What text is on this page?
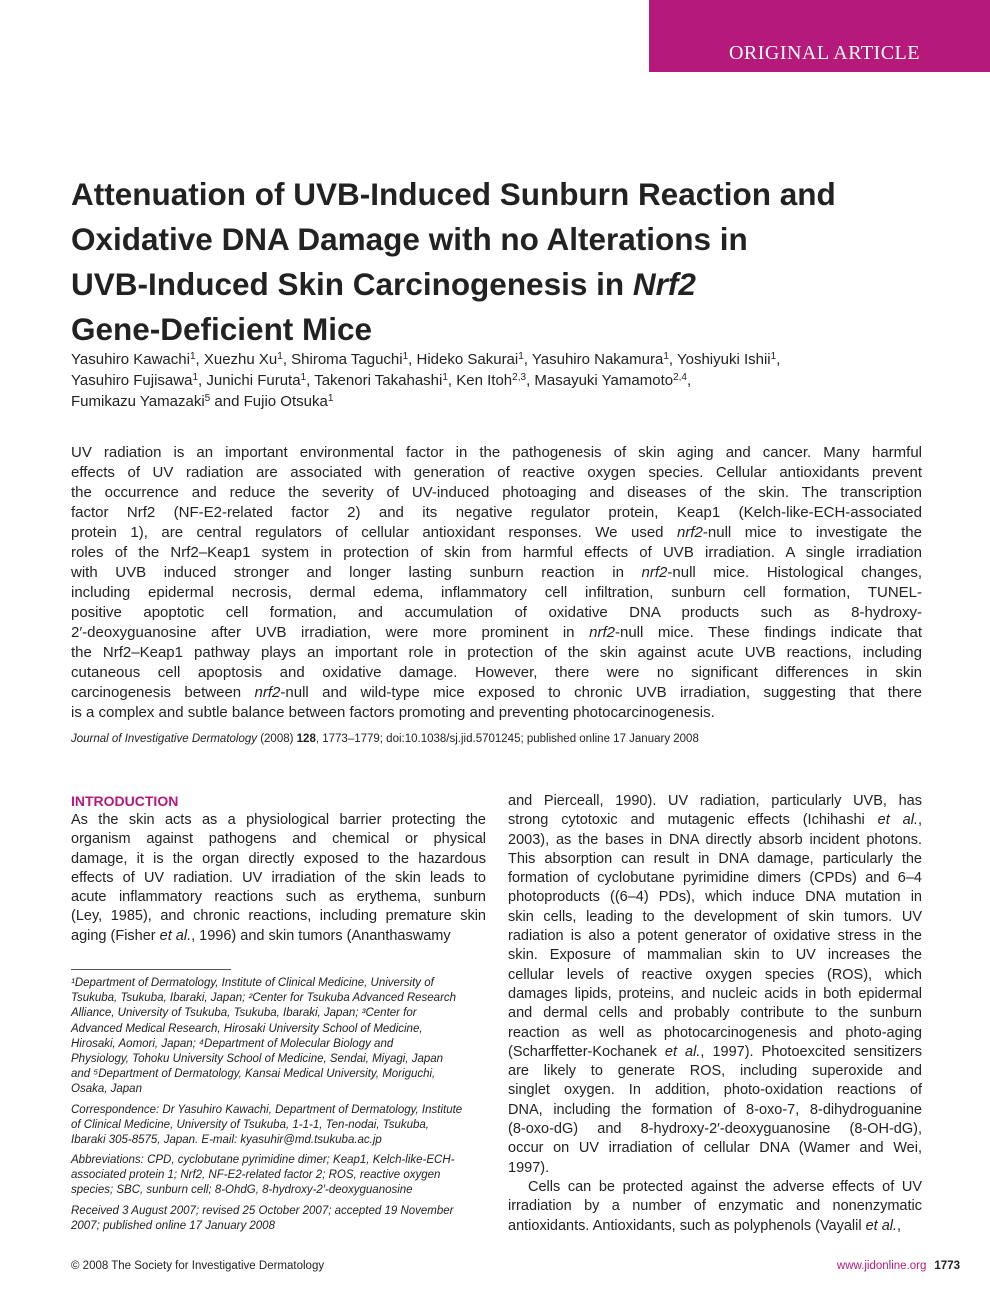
ORIGINAL ARTICLE
Attenuation of UVB-Induced Sunburn Reaction and
Oxidative DNA Damage with no Alterations in
UVB-Induced Skin Carcinogenesis in Nrf2
Gene-Deficient Mice
Yasuhiro Kawachi$^1$, Xuezhu Xu$^1$, Shiroma Taguchi$^1$, Hideko Sakurai$^1$, Yasuhiro Nakamura$^1$, Yoshiyuki Ishii$^1$,
Yasuhiro Fujisawa$^1$, Junichi Furuta$^1$, Takenori Takahashi$^1$, Ken Itoh$^{2,3}$, Masayuki Yamamoto$^{2,4}$,
Fumikazu Yamazaki$^5$ and Fujio Otsuka$^1$
UV radiation is an important environmental factor in the pathogenesis of skin aging and cancer. Many harmful
effects of UV radiation are associated with generation of reactive oxygen species. Cellular antioxidants prevent
the occurrence and reduce the severity of UV-induced photoaging and diseases of the skin. The transcription
factor Nrf2 (NF-E2-related factor 2) and its negative regulator protein, Keap1 (Kelch-like-ECH-associated
protein 1), are central regulators of cellular antioxidant responses. We used nrf2-null mice to investigate the
roles of the Nrf2–Keap1 system in protection of skin from harmful effects of UVB irradiation. A single irradiation
with UVB induced stronger and longer lasting sunburn reaction in nrf2-null mice. Histological changes,
including epidermal necrosis, dermal edema, inflammatory cell infiltration, sunburn cell formation, TUNEL-
positive apoptotic cell formation, and accumulation of oxidative DNA products such as 8-hydroxy-
2′-deoxyguanosine after UVB irradiation, were more prominent in nrf2-null mice. These findings indicate that
the Nrf2–Keap1 pathway plays an important role in protection of the skin against acute UVB reactions, including
cutaneous cell apoptosis and oxidative damage. However, there were no significant differences in skin
carcinogenesis between nrf2-null and wild-type mice exposed to chronic UVB irradiation, suggesting that there
is a complex and subtle balance between factors promoting and preventing photocarcinogenesis.
Journal of Investigative Dermatology (2008) 128, 1773–1779; doi:10.1038/sj.jid.5701245; published online 17 January 2008
INTRODUCTION
As the skin acts as a physiological barrier protecting the
organism against pathogens and chemical or physical
damage, it is the organ directly exposed to the hazardous
effects of UV radiation. UV irradiation of the skin leads to
acute inflammatory reactions such as erythema, sunburn
(Ley, 1985), and chronic reactions, including premature skin
aging (Fisher et al., 1996) and skin tumors (Ananthaswamy
¹Department of Dermatology, Institute of Clinical Medicine, University of
Tsukuba, Tsukuba, Ibaraki, Japan; ²Center for Tsukuba Advanced Research
Alliance, University of Tsukuba, Tsukuba, Ibaraki, Japan; ³Center for
Advanced Medical Research, Hirosaki University School of Medicine,
Hirosaki, Aomori, Japan; ⁴Department of Molecular Biology and
Physiology, Tohoku University School of Medicine, Sendai, Miyagi, Japan
and ⁵Department of Dermatology, Kansai Medical University, Moriguchi,
Osaka, Japan
Correspondence: Dr Yasuhiro Kawachi, Department of Dermatology, Institute
of Clinical Medicine, University of Tsukuba, 1-1-1, Ten-nodai, Tsukuba,
Ibaraki 305-8575, Japan. E-mail: kyasuhir@md.tsukuba.ac.jp
Abbreviations: CPD, cyclobutane pyrimidine dimer; Keap1, Kelch-like-ECH-
associated protein 1; Nrf2, NF-E2-related factor 2; ROS, reactive oxygen
species; SBC, sunburn cell; 8-OhdG, 8-hydroxy-2′-deoxyguanosine
Received 3 August 2007; revised 25 October 2007; accepted 19 November
2007; published online 17 January 2008
and Pierceall, 1990). UV radiation, particularly UVB, has
strong cytotoxic and mutagenic effects (Ichihashi et al.,
2003), as the bases in DNA directly absorb incident photons.
This absorption can result in DNA damage, particularly the
formation of cyclobutane pyrimidine dimers (CPDs) and 6–4
photoproducts ((6–4) PDs), which induce DNA mutation in
skin cells, leading to the development of skin tumors. UV
radiation is also a potent generator of oxidative stress in the
skin. Exposure of mammalian skin to UV increases the
cellular levels of reactive oxygen species (ROS), which
damages lipids, proteins, and nucleic acids in both epidermal
and dermal cells and probably contribute to the sunburn
reaction as well as photocarcinogenesis and photo-aging
(Scharffetter-Kochanek et al., 1997). Photoexcited sensitizers
are likely to generate ROS, including superoxide and
singlet oxygen. In addition, photo-oxidation reactions of
DNA, including the formation of 8-oxo-7, 8-dihydroguanine
(8-oxo-dG) and 8-hydroxy-2′-deoxyguanosine (8-OH-dG),
occur on UV irradiation of cellular DNA (Wamer and Wei,
1997).
Cells can be protected against the adverse effects of UV
irradiation by a number of enzymatic and nonenzymatic
antioxidants. Antioxidants, such as polyphenols (Vayalil et al.,
© 2008 The Society for Investigative Dermatology	www.jidonline.org 1773
